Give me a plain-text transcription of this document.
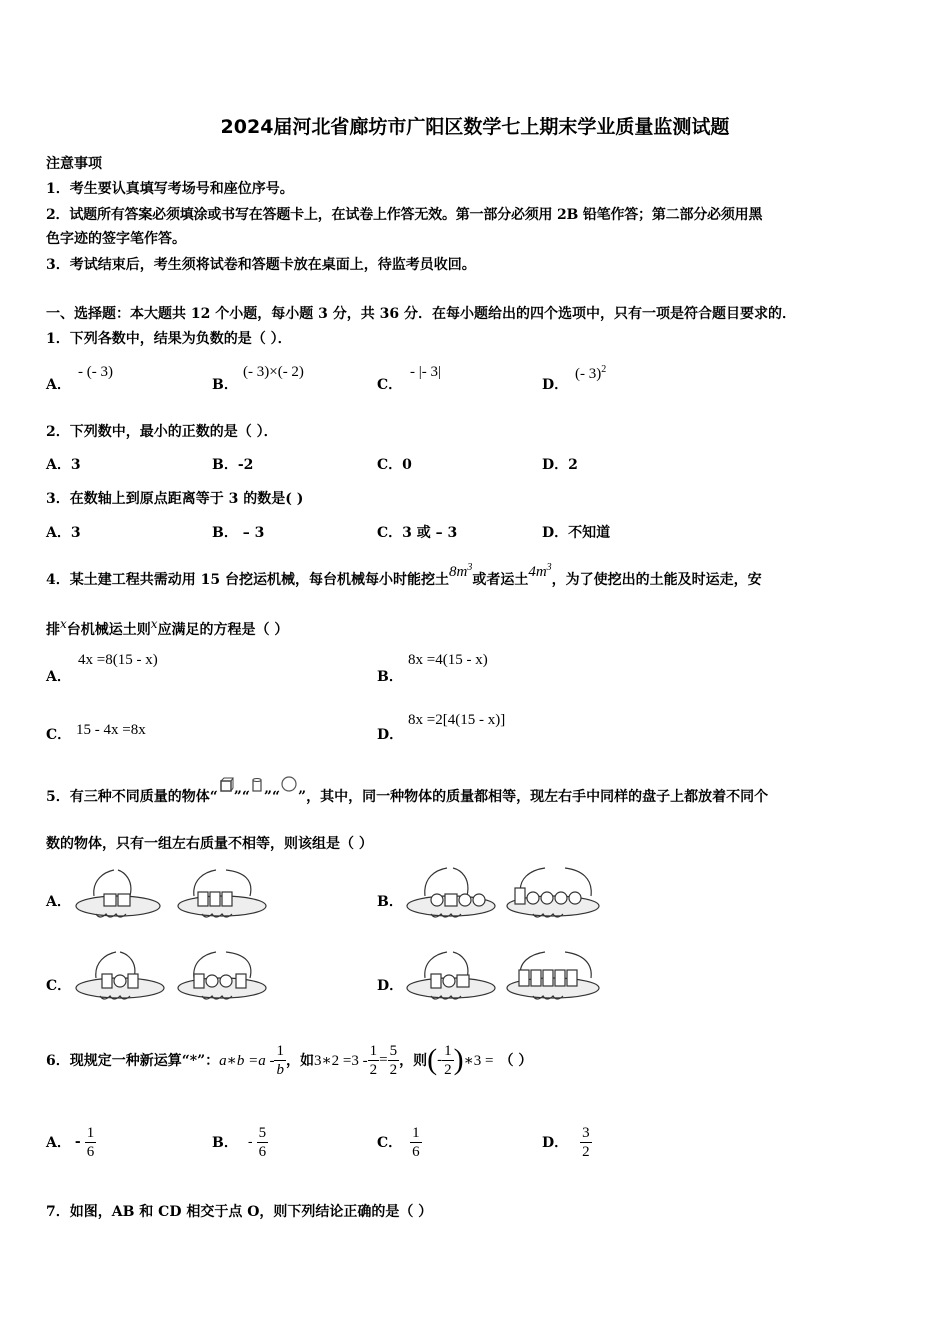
2024届河北省廊坊市广阳区数学七上期末学业质量监测试题
注意事项
1．考生要认真填写考场号和座位序号。
2．试题所有答案必须填涂或书写在答题卡上，在试卷上作答无效。第一部分必须用 2B 铅笔作答；第二部分必须用黑
色字迹的签字笔作答。
3．考试结束后，考生须将试卷和答题卡放在桌面上，待监考员收回。
一、选择题：本大题共 12 个小题，每小题 3 分，共 36 分．在每小题给出的四个选项中，只有一项是符合题目要求的．
1．下列各数中，结果为负数的是（ ）．
A．
- (- 3)
B．
(- 3)×(- 2)
C．
- |- 3|
D．
(- 3)$^2$
2．下列数中，最小的正数的是（ ）．
A．3	B．-2	C．0	D．2
3．在数轴上到原点距离等于 3 的数是( )
A．3	B． – 3	C．3 或 – 3	D．不知道
4．某土建工程共需动用 15 台挖运机械，每台机械每小时能挖土$8m^3$或者运土$4m^3$，为了使挖出的土能及时运走，安
排x台机械运土则x应满足的方程是（ ）
A．
4x =8(15 - x)
B．
8x =4(15 - x)
C． 15 - 4x =8x	D．
8x =2[4(15 - x)]
5．有三种不同质量的物体“ ”“ ”“ ”，其中，同一种物体的质量都相等，现左右手中同样的盘子上都放着不同个
数的物体，只有一组左右质量不相等，则该组是（ ）
A．	B．
C．	D．
6．现规定一种新运算“*”： a∗b $=a - \frac{1}{b}$ ，如 3∗2 $=3 - \frac{1}{2} = \frac{5}{2}$ ，则 ( - $\frac{1}{2}$ ) ∗3 = （ ）
A． - $\frac{1}{6}$	B． - $\frac{5}{6}$	C． $\frac{1}{6}$	D． $\frac{3}{2}$
7．如图，AB 和 CD 相交于点 O，则下列结论正确的是（ ）
